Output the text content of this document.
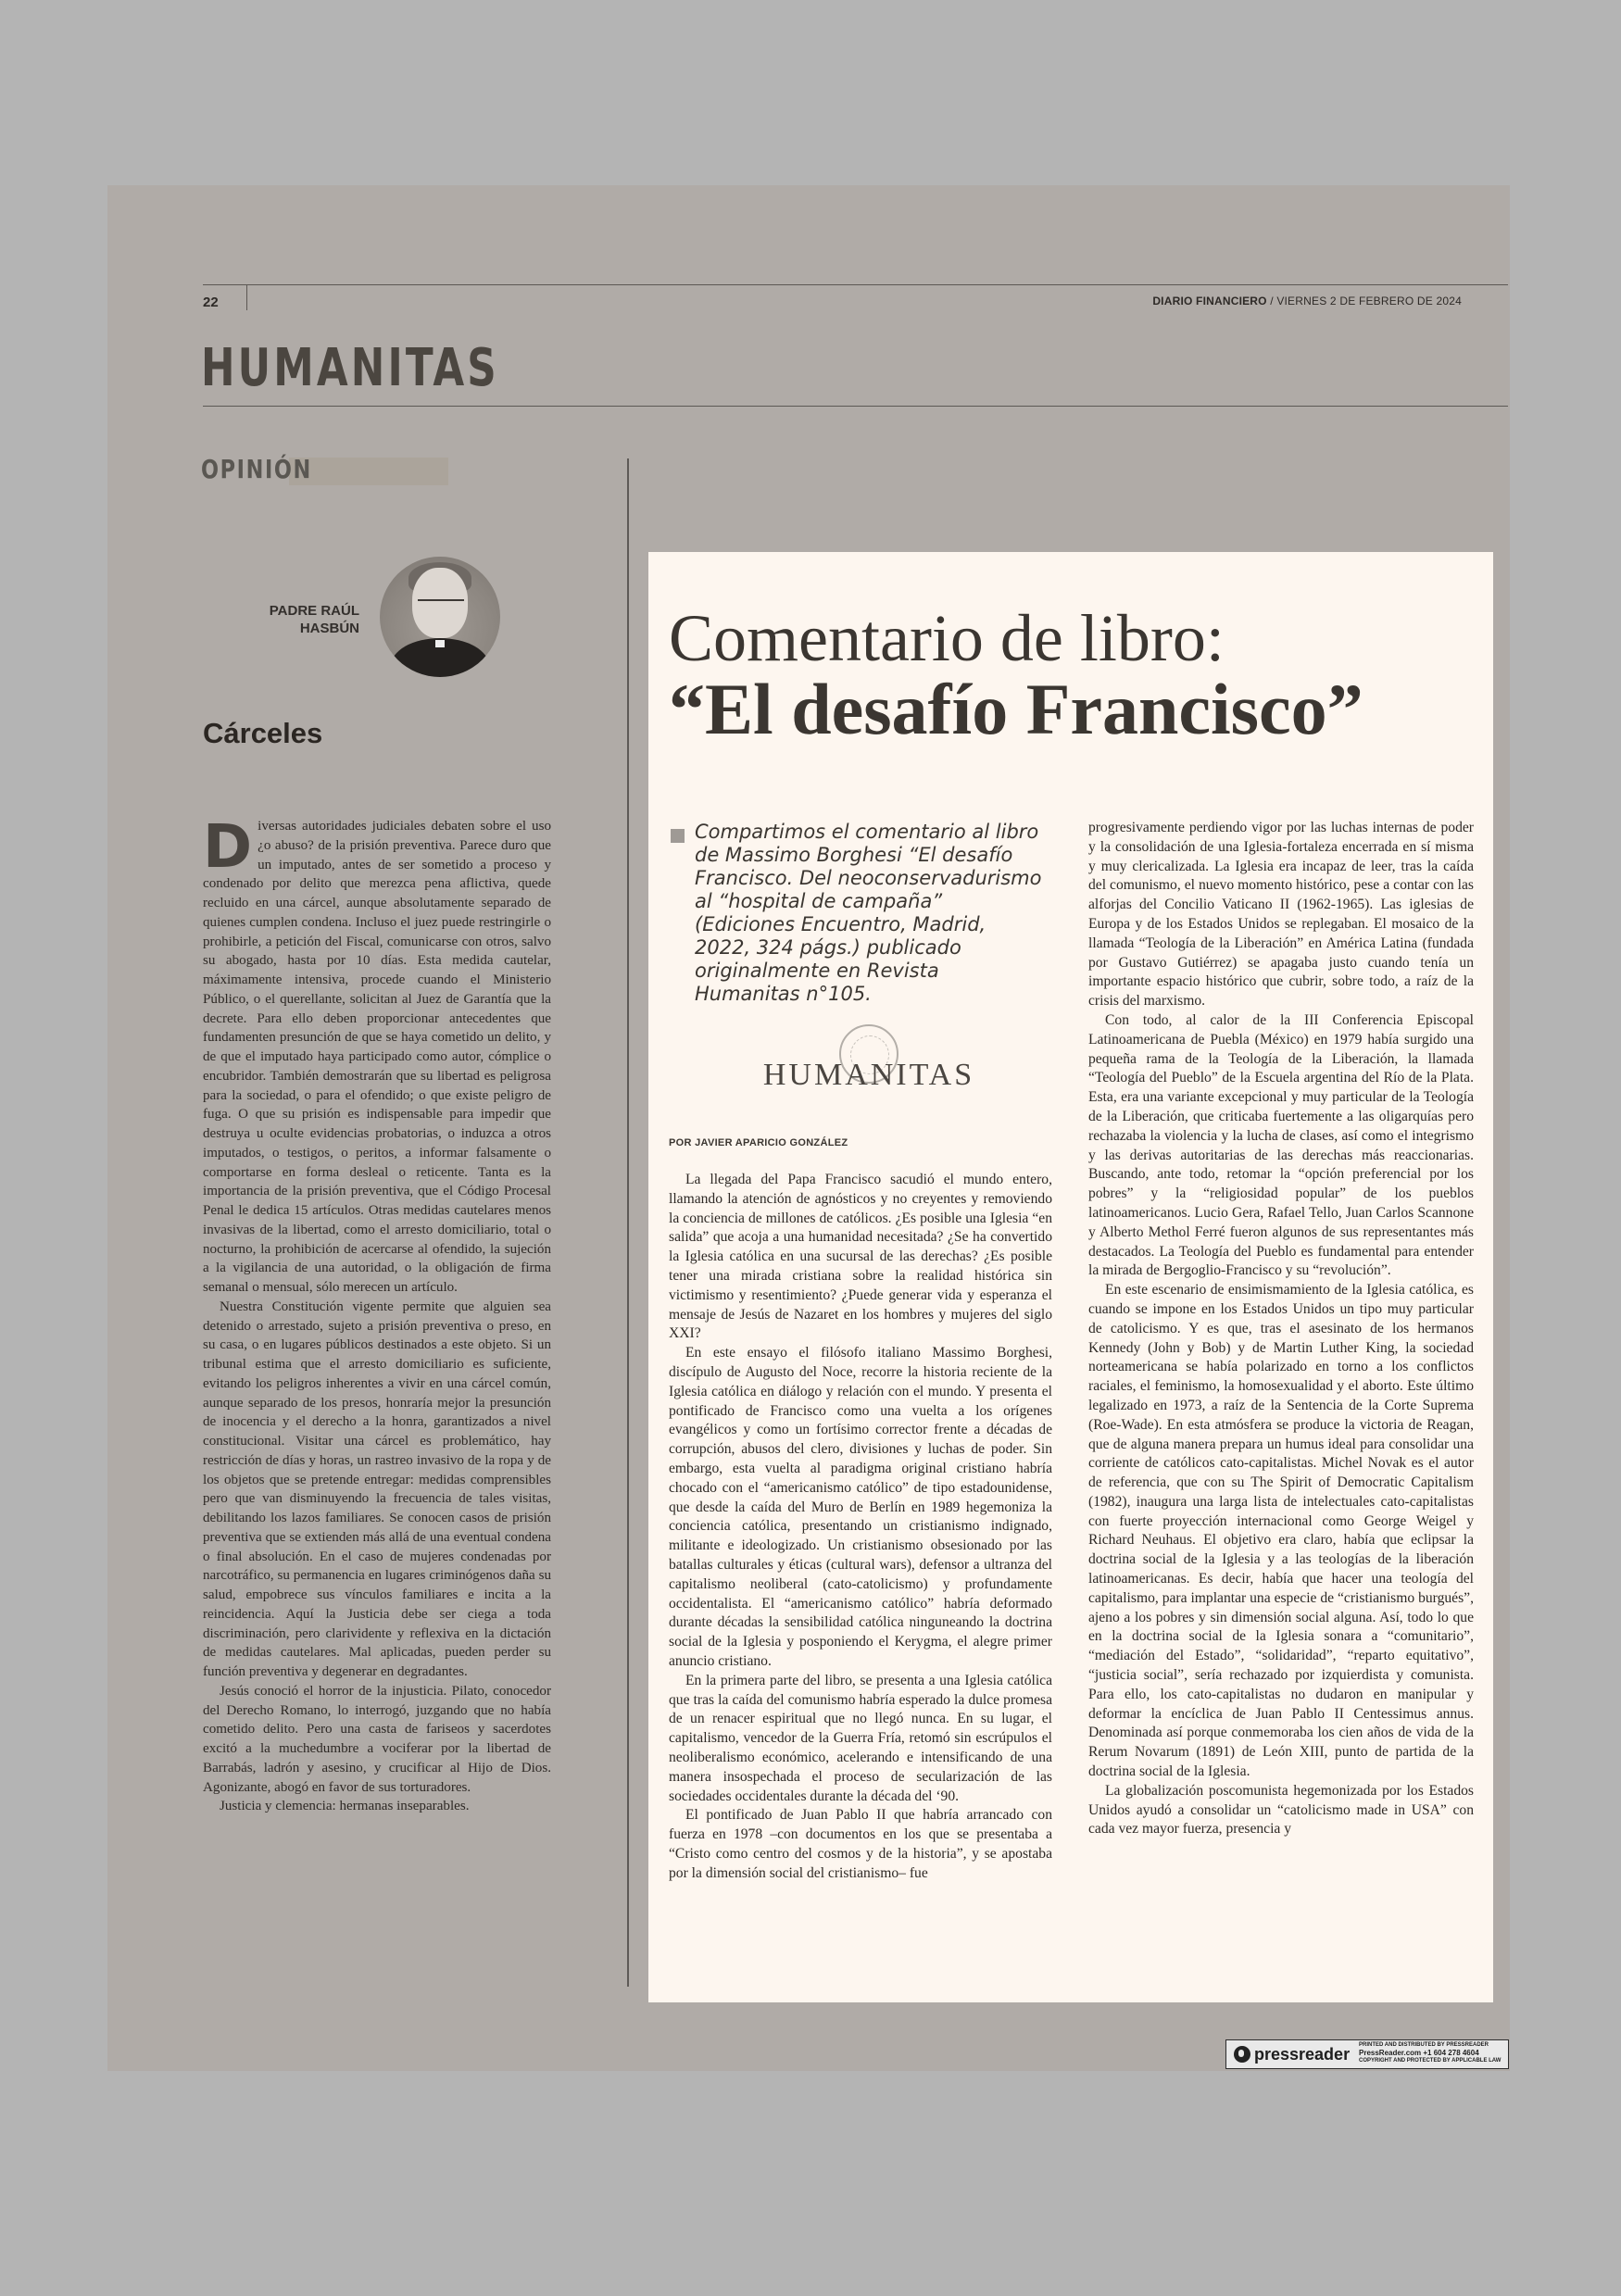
22	DIARIO FINANCIERO / VIERNES 2 DE FEBRERO DE 2024
HUMANITAS
OPINIÓN
PADRE RAÚL HASBÚN
Cárceles

Diversas autoridades judiciales debaten sobre el uso ¿o abuso? de la prisión preventiva. Parece duro que un imputado, antes de ser sometido a proceso y condenado por delito que merezca pena aflictiva, quede recluido en una cárcel, aunque absolutamente separado de quienes cumplen condena. Incluso el juez puede restringirle o prohibirle, a petición del Fiscal, comunicarse con otros, salvo su abogado, hasta por 10 días. Esta medida cautelar, máximamente intensiva, procede cuando el Ministerio Público, o el querellante, solicitan al Juez de Garantía que la decrete. Para ello deben proporcionar antecedentes que fundamenten presunción de que se haya cometido un delito, y de que el imputado haya participado como autor, cómplice o encubridor. También demostrarán que su libertad es peligrosa para la sociedad, o para el ofendido; o que existe peligro de fuga. O que su prisión es indispensable para impedir que destruya u oculte evidencias probatorias, o induzca a otros imputados, o testigos, o peritos, a informar falsamente o comportarse en forma desleal o reticente. Tanta es la importancia de la prisión preventiva, que el Código Procesal Penal le dedica 15 artículos. Otras medidas cautelares menos invasivas de la libertad, como el arresto domiciliario, total o nocturno, la prohibición de acercarse al ofendido, la sujeción a la vigilancia de una autoridad, o la obligación de firma semanal o mensual, sólo merecen un artículo.

Nuestra Constitución vigente permite que alguien sea detenido o arrestado, sujeto a prisión preventiva o preso, en su casa, o en lugares públicos destinados a este objeto. Si un tribunal estima que el arresto domiciliario es suficiente, evitando los peligros inherentes a vivir en una cárcel común, aunque separado de los presos, honraría mejor la presunción de inocencia y el derecho a la honra, garantizados a nivel constitucional. Visitar una cárcel es problemático, hay restricción de días y horas, un rastreo invasivo de la ropa y de los objetos que se pretende entregar: medidas comprensibles pero que van disminuyendo la frecuencia de tales visitas, debilitando los lazos familiares. Se conocen casos de prisión preventiva que se extienden más allá de una eventual condena o final absolución. En el caso de mujeres condenadas por narcotráfico, su permanencia en lugares criminógenos daña su salud, empobrece sus vínculos familiares e incita a la reincidencia. Aquí la Justicia debe ser ciega a toda discriminación, pero clarividente y reflexiva en la dictación de medidas cautelares. Mal aplicadas, pueden perder su función preventiva y degenerar en degradantes.

Jesús conoció el horror de la injusticia. Pilato, conocedor del Derecho Romano, lo interrogó, juzgando que no había cometido delito. Pero una casta de fariseos y sacerdotes excitó a la muchedumbre a vociferar por la libertad de Barrabás, ladrón y asesino, y crucificar al Hijo de Dios. Agonizante, abogó en favor de sus torturadores.

Justicia y clemencia: hermanas inseparables.

Comentario de libro:
“El desafío Francisco”
Compartimos el comentario al libro de Massimo Borghesi “El desafío Francisco. Del neoconservadurismo al “hospital de campaña” (Ediciones Encuentro, Madrid, 2022, 324 págs.) publicado originalmente en Revista Humanitas n°105.
HUMANITAS
POR JAVIER APARICIO GONZÁLEZ

La llegada del Papa Francisco sacudió el mundo entero, llamando la atención de agnósticos y no creyentes y removiendo la conciencia de millones de católicos. ¿Es posible una Iglesia “en salida” que acoja a una humanidad necesitada? ¿Se ha convertido la Iglesia católica en una sucursal de las derechas? ¿Es posible tener una mirada cristiana sobre la realidad histórica sin victimismo y resentimiento? ¿Puede generar vida y esperanza el mensaje de Jesús de Nazaret en los hombres y mujeres del siglo XXI?

En este ensayo el filósofo italiano Massimo Borghesi, discípulo de Augusto del Noce, recorre la historia reciente de la Iglesia católica en diálogo y relación con el mundo. Y presenta el pontificado de Francisco como una vuelta a los orígenes evangélicos y como un fortísimo corrector frente a décadas de corrupción, abusos del clero, divisiones y luchas de poder. Sin embargo, esta vuelta al paradigma original cristiano habría chocado con el “americanismo católico” de tipo estadounidense, que desde la caída del Muro de Berlín en 1989 hegemoniza la conciencia católica, presentando un cristianismo indignado, militante e ideologizado. Un cristianismo obsesionado por las batallas culturales y éticas (cultural wars), defensor a ultranza del capitalismo neoliberal (cato-catolicismo) y profundamente occidentalista. El “americanismo católico” habría deformado durante décadas la sensibilidad católica ninguneando la doctrina social de la Iglesia y posponiendo el Kerygma, el alegre primer anuncio cristiano.

En la primera parte del libro, se presenta a una Iglesia católica que tras la caída del comunismo habría esperado la dulce promesa de un renacer espiritual que no llegó nunca. En su lugar, el capitalismo, vencedor de la Guerra Fría, retomó sin escrúpulos el neoliberalismo económico, acelerando e intensificando de una manera insospechada el proceso de secularización de las sociedades occidentales durante la década del ‘90.

El pontificado de Juan Pablo II que habría arrancado con fuerza en 1978 –con documentos en los que se presentaba a “Cristo como centro del cosmos y de la historia”, y se apostaba por la dimensión social del cristianismo– fue

progresivamente perdiendo vigor por las luchas internas de poder y la consolidación de una Iglesia-fortaleza encerrada en sí misma y muy clericalizada. La Iglesia era incapaz de leer, tras la caída del comunismo, el nuevo momento histórico, pese a contar con las alforjas del Concilio Vaticano II (1962-1965). Las iglesias de Europa y de los Estados Unidos se replegaban. El mosaico de la llamada “Teología de la Liberación” en América Latina (fundada por Gustavo Gutiérrez) se apagaba justo cuando tenía un importante espacio histórico que cubrir, sobre todo, a raíz de la crisis del marxismo.

Con todo, al calor de la III Conferencia Episcopal Latinoamericana de Puebla (México) en 1979 había surgido una pequeña rama de la Teología de la Liberación, la llamada “Teología del Pueblo” de la Escuela argentina del Río de la Plata. Esta, era una variante excepcional y muy particular de la Teología de la Liberación, que criticaba fuertemente a las oligarquías pero rechazaba la violencia y la lucha de clases, así como el integrismo y las derivas autoritarias de las derechas más reaccionarias. Buscando, ante todo, retomar la “opción preferencial por los pobres” y la “religiosidad popular” de los pueblos latinoamericanos. Lucio Gera, Rafael Tello, Juan Carlos Scannone y Alberto Methol Ferré fueron algunos de sus representantes más destacados. La Teología del Pueblo es fundamental para entender la mirada de Bergoglio-Francisco y su “revolución”.

En este escenario de ensimismamiento de la Iglesia católica, es cuando se impone en los Estados Unidos un tipo muy particular de catolicismo. Y es que, tras el asesinato de los hermanos Kennedy (John y Bob) y de Martin Luther King, la sociedad norteamericana se había polarizado en torno a los conflictos raciales, el feminismo, la homosexualidad y el aborto. Este último legalizado en 1973, a raíz de la Sentencia de la Corte Suprema (Roe-Wade). En esta atmósfera se produce la victoria de Reagan, que de alguna manera prepara un humus ideal para consolidar una corriente de católicos cato-capitalistas. Michel Novak es el autor de referencia, que con su The Spirit of Democratic Capitalism (1982), inaugura una larga lista de intelectuales cato-capitalistas con fuerte proyección internacional como George Weigel y Richard Neuhaus. El objetivo era claro, había que eclipsar la doctrina social de la Iglesia y a las teologías de la liberación latinoamericanas. Es decir, había que hacer una teología del capitalismo, para implantar una especie de “cristianismo burgués”, ajeno a los pobres y sin dimensión social alguna. Así, todo lo que en la doctrina social de la Iglesia sonara a “comunitario”, “mediación del Estado”, “solidaridad”, “reparto equitativo”, “justicia social”, sería rechazado por izquierdista y comunista. Para ello, los cato-capitalistas no dudaron en manipular y deformar la encíclica de Juan Pablo II Centessimus annus. Denominada así porque conmemoraba los cien años de vida de la Rerum Novarum (1891) de León XIII, punto de partida de la doctrina social de la Iglesia.

La globalización poscomunista hegemonizada por los Estados Unidos ayudó a consolidar un “catolicismo made in USA” con cada vez mayor fuerza, presencia y

pressreader PRINTED AND DISTRIBUTED BY PRESSREADER
PressReader.com +1 604 278 4604
COPYRIGHT AND PROTECTED BY APPLICABLE LAW
